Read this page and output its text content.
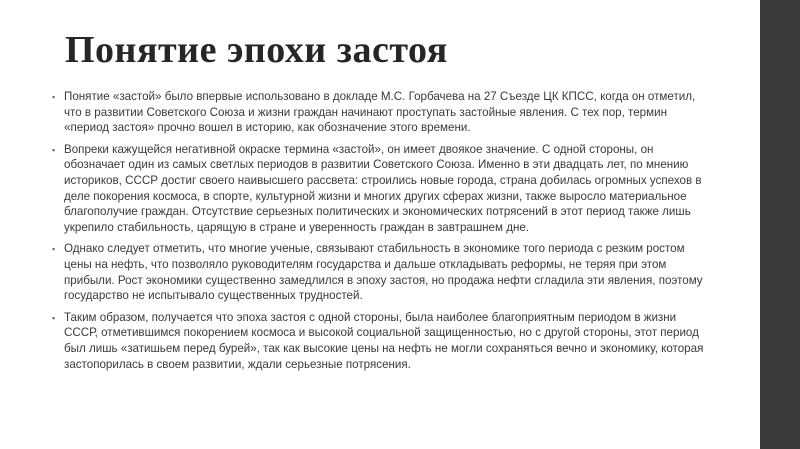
Понятие эпохи застоя
▪ Понятие «застой» было впервые использовано в докладе М.С. Горбачева на 27 Съезде ЦК КПСС, когда он отметил, что в развитии Советского Союза и жизни граждан начинают проступать застойные явления. С тех пор, термин «период застоя» прочно вошел в историю, как обозначение этого времени.
▪ Вопреки кажущейся негативной окраске термина «застой», он имеет двоякое значение. С одной стороны, он обозначает один из самых светлых периодов в развитии Советского Союза. Именно в эти двадцать лет, по мнению историков, СССР достиг своего наивысшего рассвета: строились новые города, страна добилась огромных успехов в деле покорения космоса, в спорте, культурной жизни и многих других сферах жизни, также выросло материальное благополучие граждан. Отсутствие серьезных политических и экономических потрясений в этот период также лишь укрепило стабильность, царящую в стране и уверенность граждан в завтрашнем дне.
▪ Однако следует отметить, что многие ученые, связывают стабильность в экономике того периода с резким ростом цены на нефть, что позволяло руководителям государства и дальше откладывать реформы, не теряя при этом прибыли. Рост экономики существенно замедлился в эпоху застоя, но продажа нефти сгладила эти явления, поэтому государство не испытывало существенных трудностей.
▪ Таким образом, получается что эпоха застоя с одной стороны, была наиболее благоприятным периодом в жизни СССР, отметившимся покорением космоса и высокой социальной защищенностью, но с другой стороны, этот период был лишь «затишьем перед бурей», так как высокие цены на нефть не могли сохраняться вечно и экономику, которая застопорилась в своем развитии, ждали серьезные потрясения.
